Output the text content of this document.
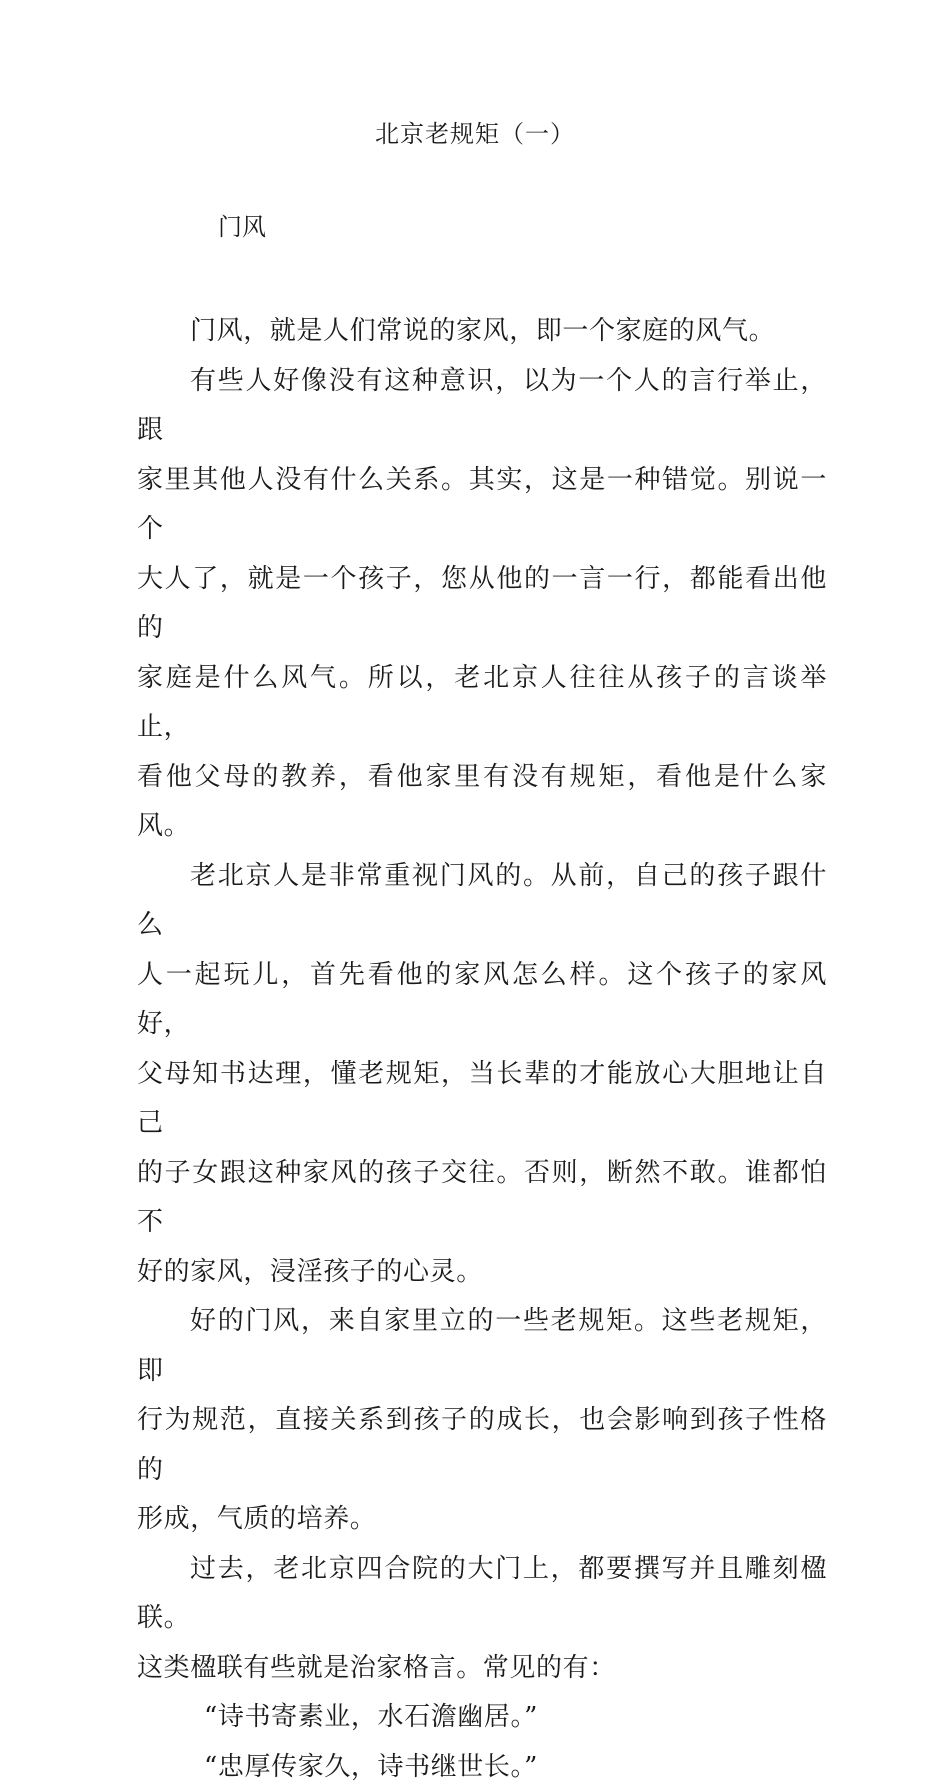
北京老规矩（一）
门风

门风，就是人们常说的家风，即一个家庭的风气。

有些人好像没有这种意识，以为一个人的言行举止，跟
家里其他人没有什么关系。其实，这是一种错觉。别说一个
大人了，就是一个孩子，您从他的一言一行，都能看出他的
家庭是什么风气。所以，老北京人往往从孩子的言谈举止，
看他父母的教养，看他家里有没有规矩，看他是什么家风。

老北京人是非常重视门风的。从前，自己的孩子跟什么
人一起玩儿，首先看他的家风怎么样。这个孩子的家风好，
父母知书达理，懂老规矩，当长辈的才能放心大胆地让自己
的子女跟这种家风的孩子交往。否则，断然不敢。谁都怕不
好的家风，浸淫孩子的心灵。

好的门风，来自家里立的一些老规矩。这些老规矩，即
行为规范，直接关系到孩子的成长，也会影响到孩子性格的
形成，气质的培养。

过去，老北京四合院的大门上，都要撰写并且雕刻楹联。
这类楹联有些就是治家格言。常见的有：

“诗书寄素业，水石澹幽居。”

“忠厚传家久，诗书继世长。”
